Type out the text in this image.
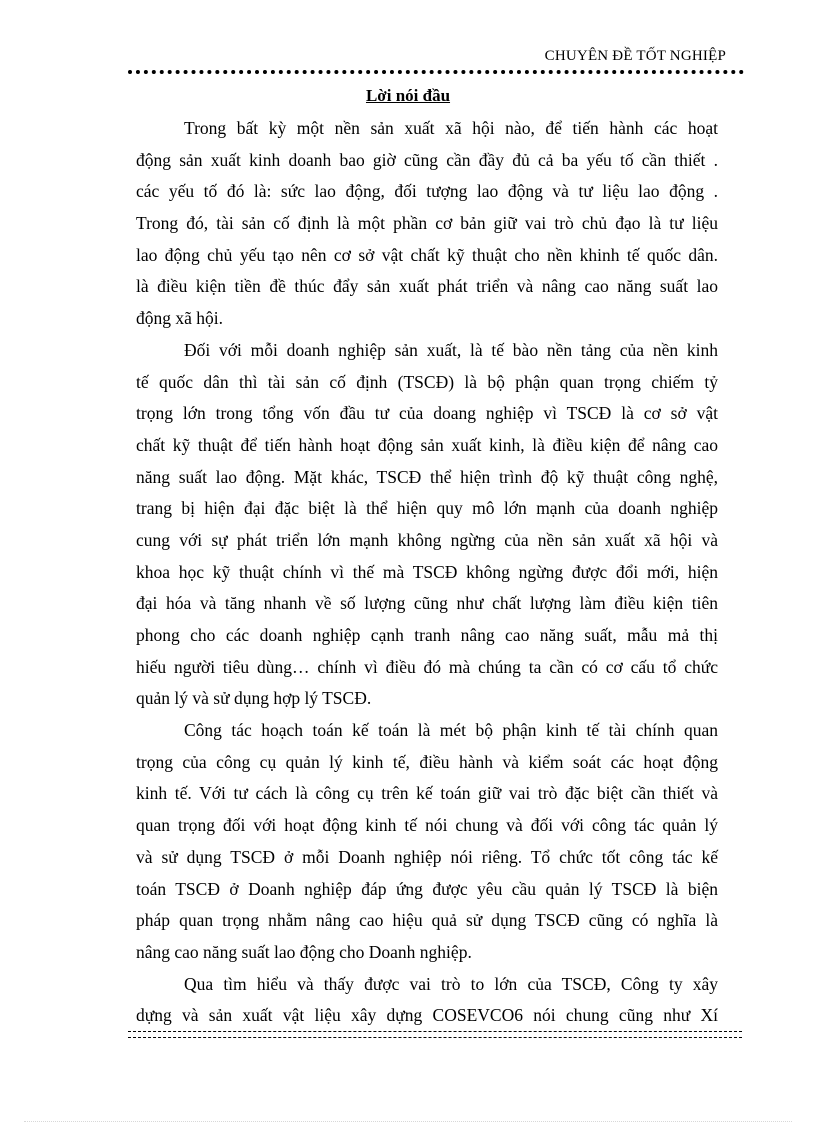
CHUYÊN ĐỀ TỐT NGHIỆP
Lời nói đầu
Trong bất kỳ một nền sản xuất xã hội nào, để tiến hành các hoạt
động sản xuất kinh doanh bao giờ cũng cần đầy đủ cả ba yếu tố cần thiết .
các yếu tố đó là: sức lao động, đối tượng lao động và tư liệu lao động .
Trong đó, tài sản cố định là một phần cơ bản giữ vai trò chủ đạo là tư liệu
lao động chủ yếu tạo nên cơ sở vật chất kỹ thuật cho nền khinh tế quốc dân.
là điều kiện tiền đề thúc đẩy sản xuất phát triển và nâng cao năng suất lao
động xã hội.
Đối với mỗi doanh nghiệp sản xuất, là tế bào nền tảng của nền kinh
tế quốc dân thì tài sản cố định (TSCĐ) là bộ phận quan trọng chiếm tỷ
trọng lớn trong tổng vốn đầu tư của doang nghiệp vì TSCĐ là cơ sở vật
chất kỹ thuật để tiến hành hoạt động sản xuất kinh, là điều kiện để nâng cao
năng suất lao động. Mặt khác, TSCĐ thể hiện trình độ kỹ thuật công nghệ,
trang bị hiện đại đặc biệt là thể hiện quy mô lớn mạnh của doanh nghiệp
cung với sự phát triển lớn mạnh không ngừng của nền sản xuất xã hội và
khoa học kỹ thuật chính vì thế mà TSCĐ không ngừng được đổi mới, hiện
đại hóa và tăng nhanh về số lượng cũng như chất lượng làm điều kiện tiên
phong cho các doanh nghiệp cạnh tranh nâng cao năng suất, mẫu mả thị
hiếu người tiêu dùng… chính vì điều đó mà chúng ta cần có cơ cấu tổ chức
quản lý và sử dụng hợp lý TSCĐ.
Công tác hoạch toán kế toán là mét bộ phận kinh tế tài chính quan
trọng của công cụ quản lý kinh tế, điều hành và kiểm soát các hoạt động
kinh tế. Với tư cách là công cụ trên kế toán giữ vai trò đặc biệt cần thiết và
quan trọng đối với hoạt động kinh tế nói chung và đối với công tác quản lý
và sử dụng TSCĐ ở mỗi Doanh nghiệp nói riêng. Tổ chức tốt công tác kế
toán TSCĐ ở Doanh nghiệp đáp ứng được yêu cầu quản lý TSCĐ là biện
pháp quan trọng nhằm nâng cao hiệu quả sử dụng TSCĐ cũng có nghĩa là
nâng cao năng suất lao động cho Doanh nghiệp.
Qua tìm hiểu và thấy được vai trò to lớn của TSCĐ, Công ty xây
dựng và sản xuất vật liệu xây dựng COSEVCO6 nói chung cũng như Xí
